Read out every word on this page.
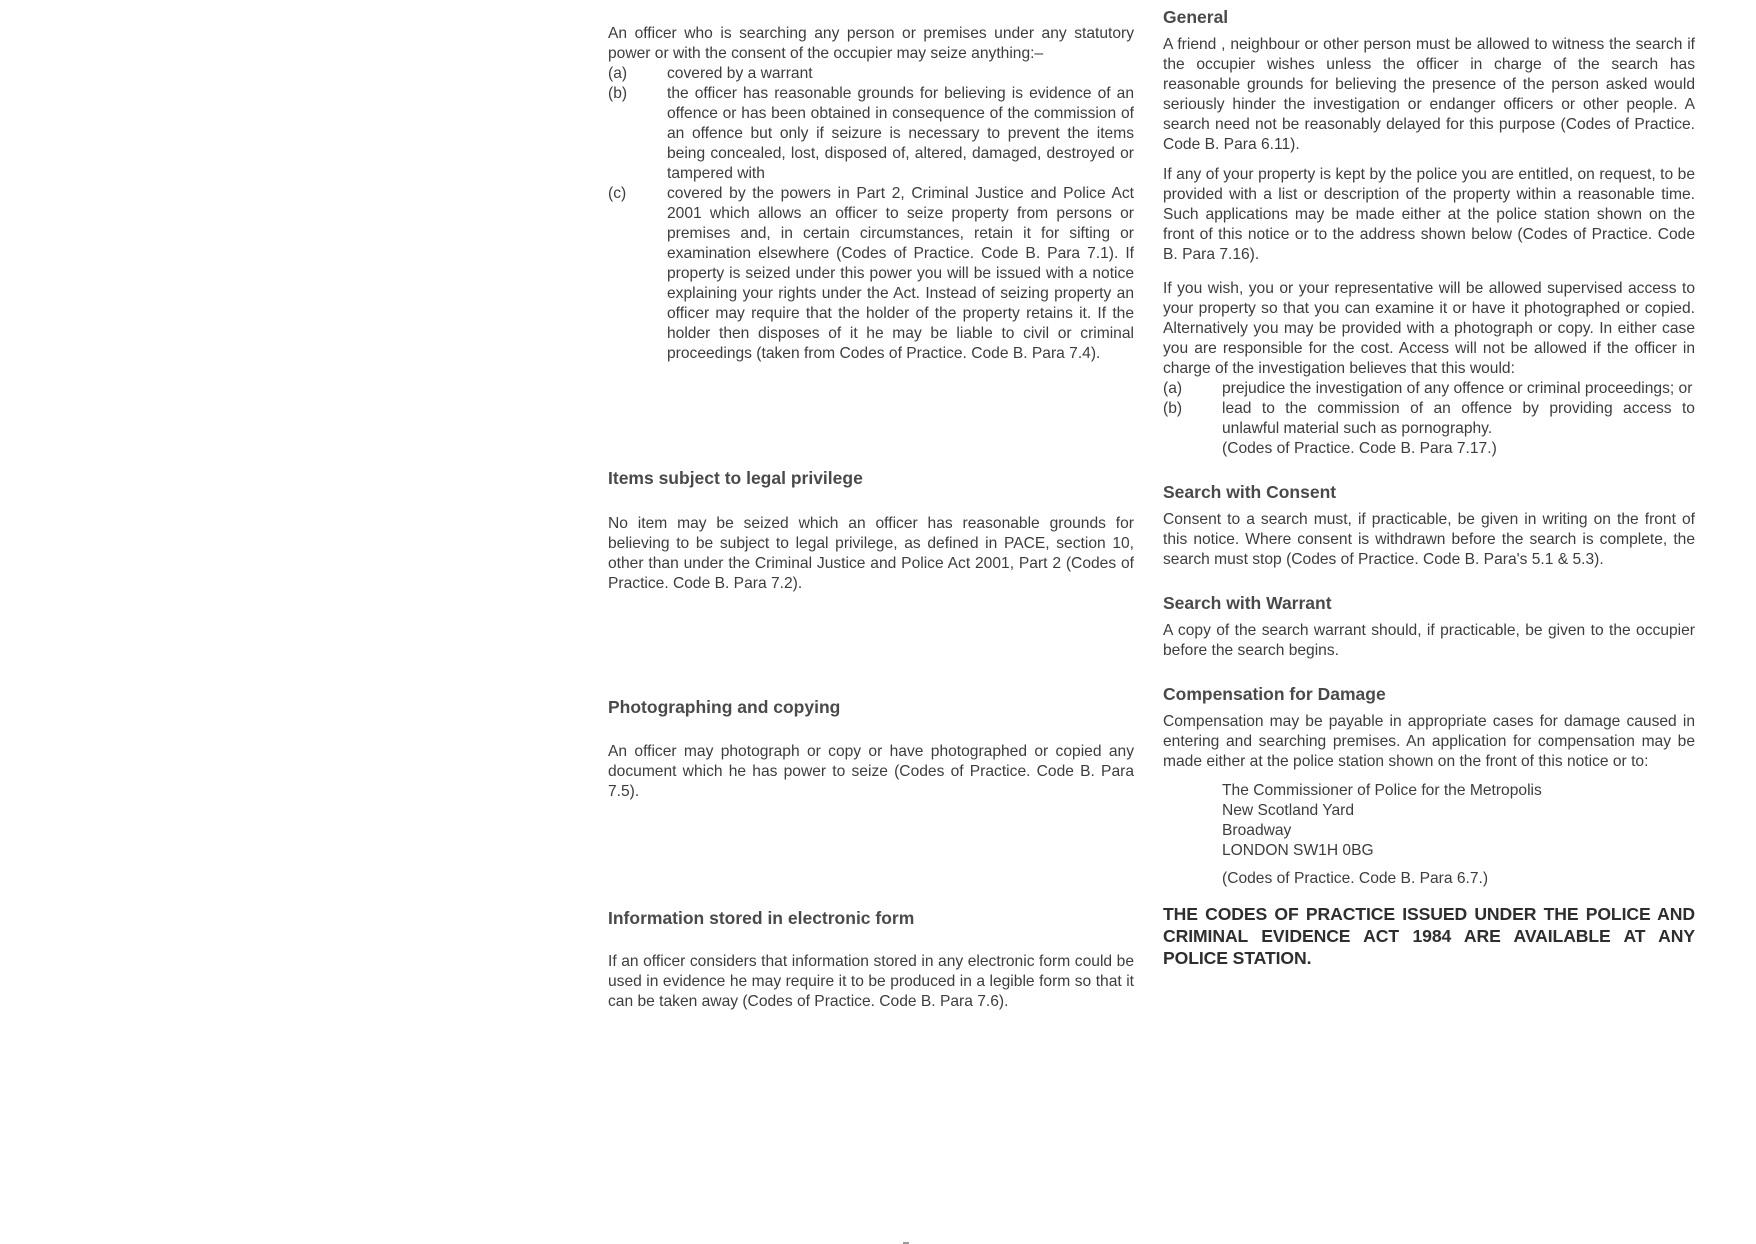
An officer who is searching any person or premises under any statutory power or with the consent of the occupier may seize anything:–

(a)	covered by a warrant
(b)	the officer has reasonable grounds for believing is evidence of an offence or has been obtained in consequence of the commission of an offence but only if seizure is necessary to prevent the items being concealed, lost, disposed of, altered, damaged, destroyed or tampered with
(c)	covered by the powers in Part 2, Criminal Justice and Police Act 2001 which allows an officer to seize property from persons or premises and, in certain circumstances, retain it for sifting or examination elsewhere (Codes of Practice. Code B. Para 7.1). If property is seized under this power you will be issued with a notice explaining your rights under the Act. Instead of seizing property an officer may require that the holder of the property retains it. If the holder then disposes of it he may be liable to civil or criminal proceedings (taken from Codes of Practice. Code B. Para 7.4).
Items subject to legal privilege

No item may be seized which an officer has reasonable grounds for believing to be subject to legal privilege, as defined in PACE, section 10, other than under the Criminal Justice and Police Act 2001, Part 2 (Codes of Practice. Code B. Para 7.2).

Photographing and copying

An officer may photograph or copy or have photographed or copied any document which he has power to seize (Codes of Practice. Code B. Para 7.5).

Information stored in electronic form

If an officer considers that information stored in any electronic form could be used in evidence he may require it to be produced in a legible form so that it can be taken away (Codes of Practice. Code B. Para 7.6).

General

A friend , neighbour or other person must be allowed to witness the search if the occupier wishes unless the officer in charge of the search has reasonable grounds for believing the presence of the person asked would seriously hinder the investigation or endanger officers or other people. A search need not be reasonably delayed for this purpose (Codes of Practice. Code B. Para 6.11).

If any of your property is kept by the police you are entitled, on request, to be provided with a list or description of the property within a reasonable time. Such applications may be made either at the police station shown on the front of this notice or to the address shown below (Codes of Practice. Code B. Para 7.16).

If you wish, you or your representative will be allowed supervised access to your property so that you can examine it or have it photographed or copied. Alternatively you may be provided with a photograph or copy. In either case you are responsible for the cost. Access will not be allowed if the officer in charge of the investigation believes that this would:

(a)	prejudice the investigation of any offence or criminal proceedings; or
(b)	lead to the commission of an offence by providing access to unlawful material such as pornography.
(Codes of Practice. Code B. Para 7.17.)
Search with Consent

Consent to a search must, if practicable, be given in writing on the front of this notice. Where consent is withdrawn before the search is complete, the search must stop (Codes of Practice. Code B. Para's 5.1 & 5.3).

Search with Warrant

A copy of the search warrant should, if practicable, be given to the occupier before the search begins.

Compensation for Damage

Compensation may be payable in appropriate cases for damage caused in entering and searching premises. An application for compensation may be made either at the police station shown on the front of this notice or to:

The Commissioner of Police for the Metropolis
New Scotland Yard
Broadway
LONDON SW1H 0BG
(Codes of Practice. Code B. Para 6.7.)

THE CODES OF PRACTICE ISSUED UNDER THE POLICE AND CRIMINAL EVIDENCE ACT 1984 ARE AVAILABLE AT ANY POLICE STATION.
